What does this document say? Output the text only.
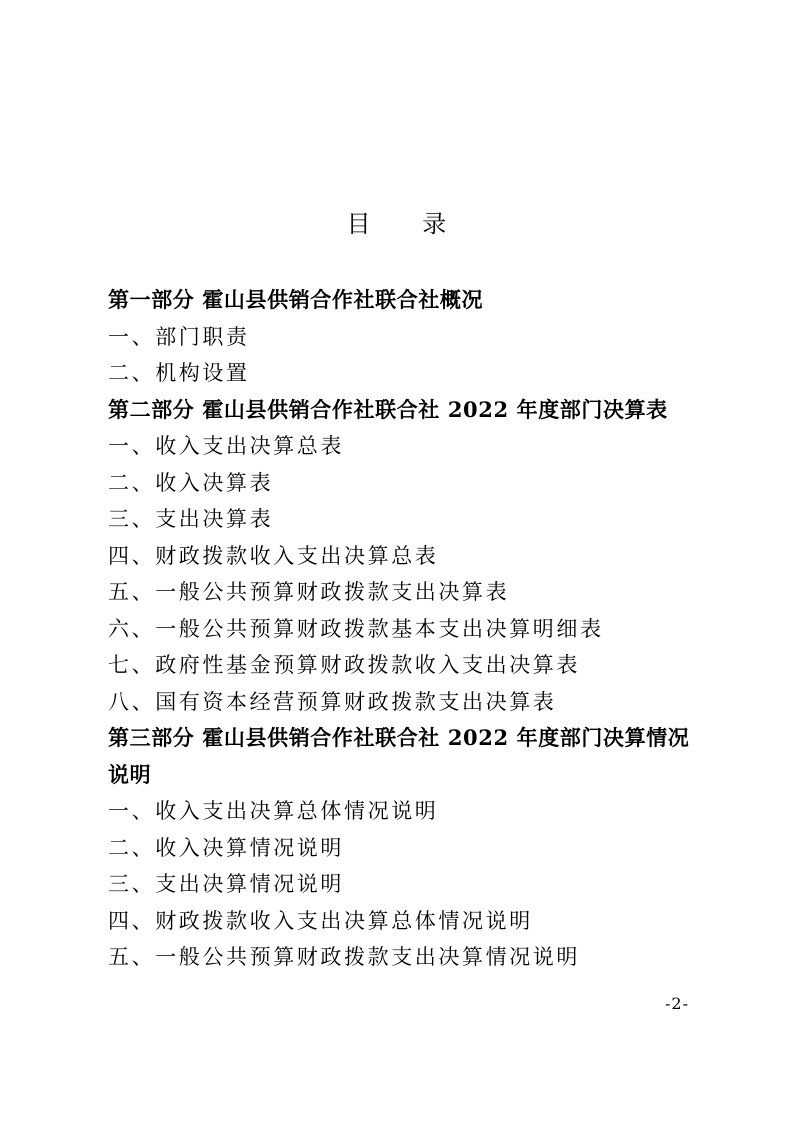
目 录
第一部分 霍山县供销合作社联合社概况
一、部门职责
二、机构设置
第二部分 霍山县供销合作社联合社 2022 年度部门决算表
一、收入支出决算总表
二、收入决算表
三、支出决算表
四、财政拨款收入支出决算总表
五、一般公共预算财政拨款支出决算表
六、一般公共预算财政拨款基本支出决算明细表
七、政府性基金预算财政拨款收入支出决算表
八、国有资本经营预算财政拨款支出决算表
第三部分 霍山县供销合作社联合社 2022 年度部门决算情况说明
一、收入支出决算总体情况说明
二、收入决算情况说明
三、支出决算情况说明
四、财政拨款收入支出决算总体情况说明
五、一般公共预算财政拨款支出决算情况说明
-2-
